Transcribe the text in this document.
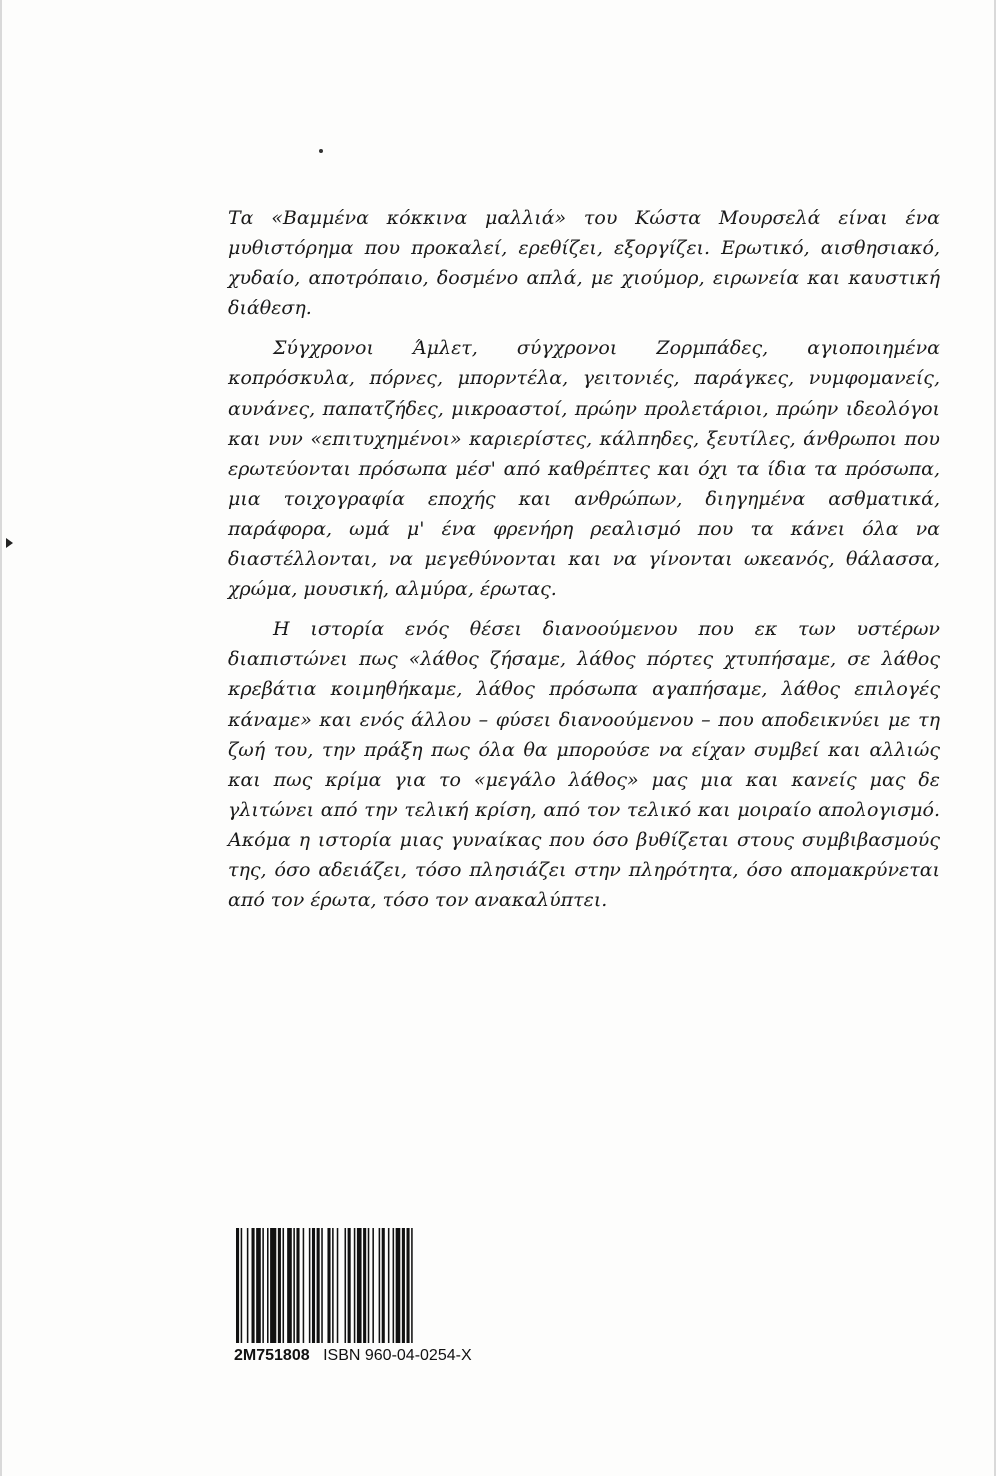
Τα «Βαμμένα κόκκινα μαλλιά» του Κώστα Μουρσελά είναι ένα μυθιστόρημα που προκαλεί, ερεθίζει, εξοργίζει. Ερωτικό, αισθησιακό, χυδαίο, αποτρόπαιο, δοσμένο απλά, με χιούμορ, ειρωνεία και καυστική διάθεση.

Σύγχρονοι Άμλετ, σύγχρονοι Ζορμπάδες, αγιοποιημένα κοπρόσκυλα, πόρνες, μπορντέλα, γειτονιές, παράγκες, νυμφομανείς, αυνάνες, παπατζήδες, μικροαστοί, πρώην προλετάριοι, πρώην ιδεολόγοι και νυν «επιτυχημένοι» καριερίστες, κάλπηδες, ξευτίλες, άνθρωποι που ερωτεύονται πρόσωπα μέσ' από καθρέπτες και όχι τα ίδια τα πρόσωπα, μια τοιχογραφία εποχής και ανθρώπων, διηγημένα ασθματικά, παράφορα, ωμά μ' ένα φρενήρη ρεαλισμό που τα κάνει όλα να διαστέλλονται, να μεγεθύνονται και να γίνονται ωκεανός, θάλασσα, χρώμα, μουσική, αλμύρα, έρωτας.

Η ιστορία ενός θέσει διανοούμενου που εκ των υστέρων διαπιστώνει πως «λάθος ζήσαμε, λάθος πόρτες χτυπήσαμε, σε λάθος κρεβάτια κοιμηθήκαμε, λάθος πρόσωπα αγαπήσαμε, λάθος επιλογές κάναμε» και ενός άλλου – φύσει διανοούμενου – που αποδεικνύει με τη ζωή του, την πράξη πως όλα θα μπορούσε να είχαν συμβεί και αλλιώς και πως κρίμα για το «μεγάλο λάθος» μας μια και κανείς μας δε γλιτώνει από την τελική κρίση, από τον τελικό και μοιραίο απολογισμό. Ακόμα η ιστορία μιας γυναίκας που όσο βυθίζεται στους συμβιβασμούς της, όσο αδειάζει, τόσο πλησιάζει στην πληρότητα, όσο απομακρύνεται από τον έρωτα, τόσο τον ανακαλύπτει.

2M751808 ISBN 960-04-0254-X
